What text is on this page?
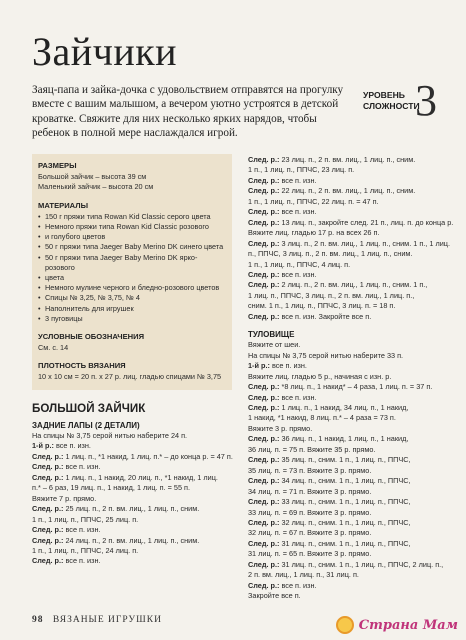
Зайчики

Заяц-папа и зайка-дочка с удовольствием отправятся на прогулку вместе с вашим малышом, а вечером уютно устроятся в детской кроватке. Свяжите для них несколько ярких нарядов, чтобы ребенок в полной мере наслаждался игрой.

УРОВЕНЬ
СЛОЖНОСТИ
3
РАЗМЕРЫ
Большой зайчик – высота 39 см
Маленький зайчик – высота 20 см
МАТЕРИАЛЫ
• 150 г пряжи типа Rowan Kid Classic серого цвета
• Немного пряжи типа Rowan Kid Classic розового
• и голубого цветов
• 50 г пряжи типа Jaeger Baby Merino DK синего цвета
• 50 г пряжи типа Jaeger Baby Merino DK ярко-розового
• цвета
• Немного мулине черного и бледно-розового цветов
• Спицы № 3,25, № 3,75, № 4
• Наполнитель для игрушек
• 3 пуговицы
УСЛОВНЫЕ ОБОЗНАЧЕНИЯ
См. с. 14
ПЛОТНОСТЬ ВЯЗАНИЯ
10 х 10 см = 20 п. х 27 р. лиц. гладью спицами № 3,75
БОЛЬШОЙ ЗАЙЧИК
ЗАДНИЕ ЛАПЫ (2 ДЕТАЛИ)
На спицы № 3,75 серой нитью наберите 24 п.
1-й р.: все п. изн.
След. р.: 1 лиц. п., *1 накид, 1 лиц. п.* – до конца р. = 47 п.
След. р.: все п. изн.
След. р.: 1 лиц. п., 1 накид, 20 лиц. п., *1 накид, 1 лиц.
п.* – 6 раз, 19 лиц. п., 1 накид, 1 лиц. п. = 55 п.
Вяжите 7 р. прямо.
След. р.: 25 лиц. п., 2 п. вм. лиц., 1 лиц. п., сним.
1 п., 1 лиц. п., ППЧС, 25 лиц. п.
След. р.: все п. изн.
След. р.: 24 лиц. п., 2 п. вм. лиц., 1 лиц. п., сним.
1 п., 1 лиц. п., ППЧС, 24 лиц. п.
След. р.: все п. изн.
След. р.: 23 лиц. п., 2 п. вм. лиц., 1 лиц. п., сним.
1 п., 1 лиц. п., ППЧС, 23 лиц. п.
След. р.: все п. изн.
След. р.: 22 лиц. п., 2 п. вм. лиц., 1 лиц. п., сним.
1 п., 1 лиц. п., ППЧС, 22 лиц. п. = 47 п.
След. р.: все п. изн.
След. р.: 13 лиц. п., закройте след. 21 п., лиц. п. до конца р.
Вяжите лиц. гладью 17 р. на всех 26 п.
След. р.: 3 лиц. п., 2 п. вм. лиц., 1 лиц. п., сним. 1 п., 1 лиц.
п., ППЧС, 3 лиц. п., 2 п. вм. лиц., 1 лиц. п., сним.
1 п., 1 лиц. п., ППЧС, 4 лиц. п.
След. р.: все п. изн.
След. р.: 2 лиц. п., 2 п. вм. лиц., 1 лиц. п., сним. 1 п.,
1 лиц. п., ППЧС, 3 лиц. п., 2 п. вм. лиц., 1 лиц. п.,
сним. 1 п., 1 лиц. п., ППЧС, 3 лиц. п. = 18 п.
След. р.: все п. изн. Закройте все п.
ТУЛОВИЩЕ
Вяжите от шеи.
На спицы № 3,75 серой нитью наберите 33 п.
1-й р.: все п. изн.
Вяжите лиц. гладью 5 р., начиная с изн. р.
След. р.: *8 лиц. п., 1 накид* – 4 раза, 1 лиц. п. = 37 п.
След. р.: все п. изн.
След. р.: 1 лиц. п., 1 накид, 34 лиц. п., 1 накид,
1 накид, *1 накид, 8 лиц. п.* – 4 раза = 73 п.
Вяжите 3 р. прямо.
След. р.: 36 лиц. п., 1 накид, 1 лиц. п., 1 накид,
36 лиц. п. = 75 п. Вяжите 35 р. прямо.
След. р.: 35 лиц. п., сним. 1 п., 1 лиц. п., ППЧС,
35 лиц. п. = 73 п. Вяжите 3 р. прямо.
След. р.: 34 лиц. п., сним. 1 п., 1 лиц. п., ППЧС,
34 лиц. п. = 71 п. Вяжите 3 р. прямо.
След. р.: 33 лиц. п., сним. 1 п., 1 лиц. п., ППЧС,
33 лиц. п. = 69 п. Вяжите 3 р. прямо.
След. р.: 32 лиц. п., сним. 1 п., 1 лиц. п., ППЧС,
32 лиц. п. = 67 п. Вяжите 3 р. прямо.
След. р.: 31 лиц. п., сним. 1 п., 1 лиц. п., ППЧС,
31 лиц. п. = 65 п. Вяжите 3 р. прямо.
След. р.: 31 лиц. п., сним. 1 п., 1 лиц. п., ППЧС, 2 лиц. п.,
2 п. вм. лиц., 1 лиц. п., 31 лиц. п.
След. р.: все п. изн.
Закройте все п.
98 ВЯЗАНЫЕ ИГРУШКИ	Страна Мам
